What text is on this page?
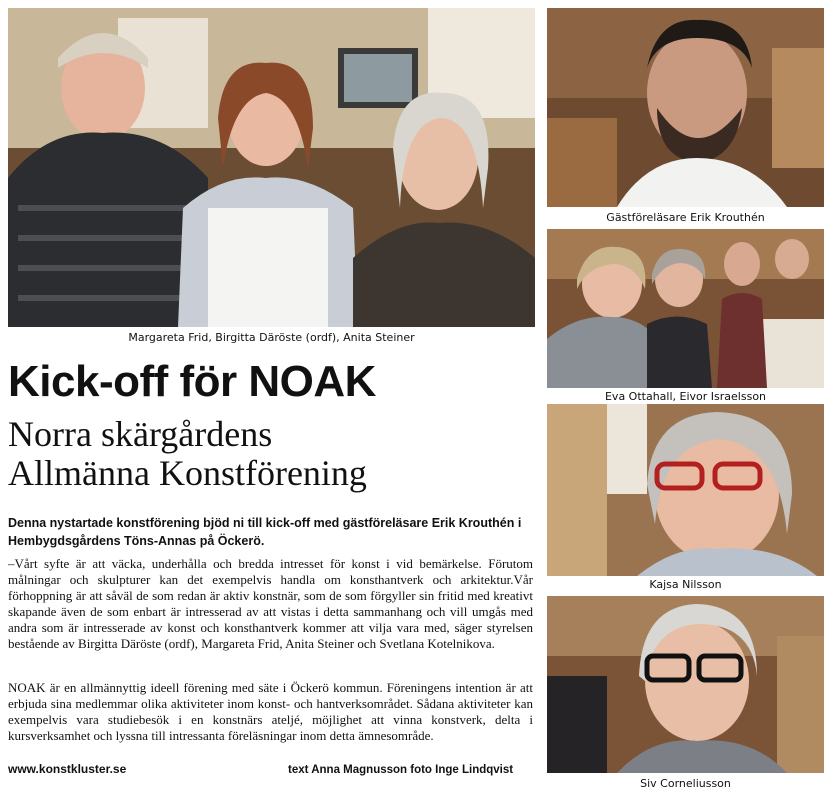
Margareta Frid, Birgitta Däröste (ordf), Anita Steiner
Gästföreläsare Erik Krouthén
Eva Ottahall, Eivor Israelsson
Kajsa Nilsson
Siv Corneliusson
Kick-off för NOAK
Norra skärgårdens
Allmänna Konstförening

Denna nystartade konstförening bjöd ni till kick-off med gästföreläsare Erik Krouthén i Hembygdsgårdens Töns-Annas på Öckerö.

–Vårt syfte är att väcka, underhålla och bredda intresset för konst i vid bemärkelse. Förutom målningar och skulpturer kan det exempelvis handla om konsthantverk och arkitektur.Vår förhoppning är att såväl de som redan är aktiv konstnär, som de som förgyller sin fritid med kreativt skapande även de som enbart är intresserad av att vistas i detta sammanhang och vill umgås med andra som är intresserade av konst och konsthantverk kommer att vilja vara med, säger styrelsen bestående av Birgitta Däröste (ordf), Margareta Frid, Anita Steiner och Svetlana Kotelnikova.

NOAK är en allmännyttig ideell förening med säte i Öckerö kommun. Föreningens intention är att erbjuda sina medlemmar olika aktiviteter inom konst- och hantverksområdet. Sådana aktiviteter kan exempelvis vara studiebesök i en konstnärs ateljé, möjlighet att vinna konstverk, delta i kursverksamhet och lyssna till intressanta föreläsningar inom detta ämnesområde.

www.konstkluster.se	text Anna Magnusson foto Inge Lindqvist
